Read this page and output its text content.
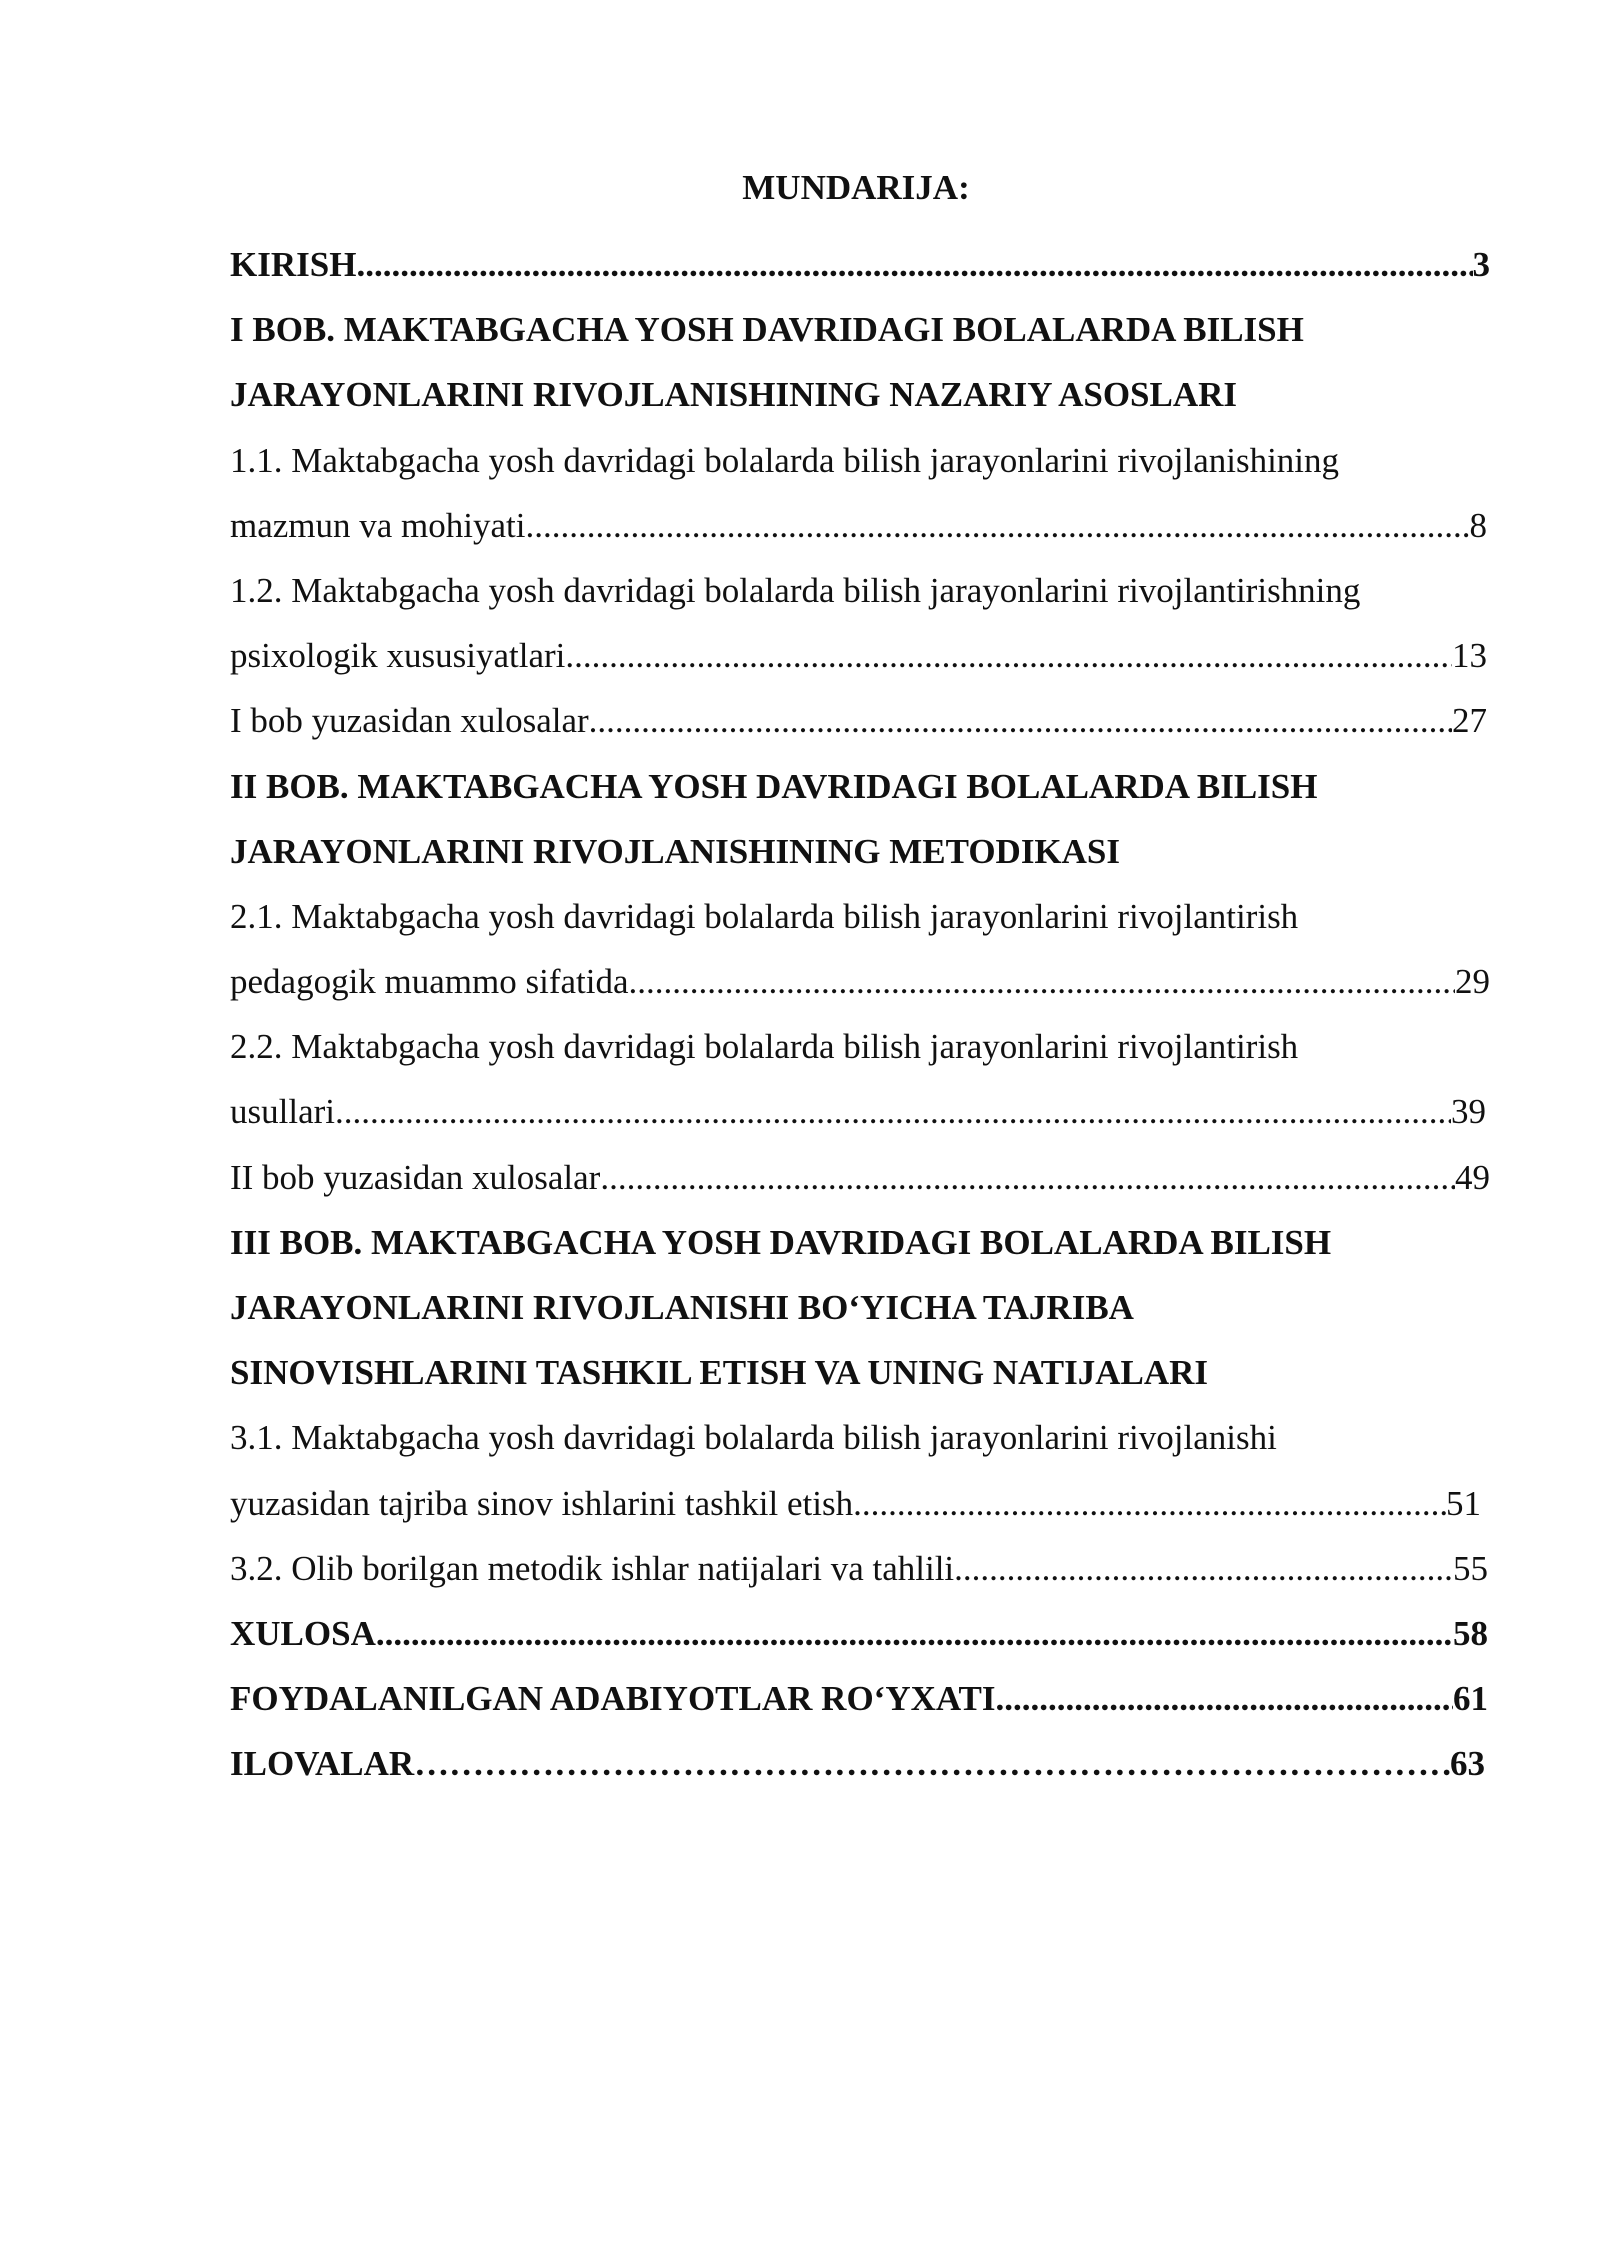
MUNDARIJA:
KIRISH .....	3
I BOB. MAKTABGACHA YOSH DAVRIDAGI BOLALARDA BILISH
JARAYONLARINI RIVOJLANISHINING NAZARIY ASOSLARI
1.1. Maktabgacha yosh davridagi bolalarda bilish jarayonlarini rivojlanishining
mazmun va mohiyati .....	8
1.2. Maktabgacha yosh davridagi bolalarda bilish jarayonlarini rivojlantirishning
psixologik xususiyatlari .....	13
I bob yuzasidan xulosalar .....	27
II BOB. MAKTABGACHA YOSH DAVRIDAGI BOLALARDA BILISH
JARAYONLARINI RIVOJLANISHINING METODIKASI
2.1. Maktabgacha yosh davridagi bolalarda bilish jarayonlarini rivojlantirish
pedagogik muammo sifatida .....	29
2.2. Maktabgacha yosh davridagi bolalarda bilish jarayonlarini rivojlantirish
usullari .....	39
II bob yuzasidan xulosalar .....	49
III BOB. MAKTABGACHA YOSH DAVRIDAGI BOLALARDA BILISH
JARAYONLARINI RIVOJLANISHI BO‘YICHA TAJRIBA
SINOVISHLARINI TASHKIL ETISH VA UNING NATIJALARI
3.1. Maktabgacha yosh davridagi bolalarda bilish jarayonlarini rivojlanishi
yuzasidan tajriba sinov ishlarini tashkil etish .....	51
3.2. Olib borilgan metodik ishlar natijalari va tahlili .....	55
XULOSA .....	58
FOYDALANILGAN ADABIYOTLAR RO‘YXATI .....	61
ILOVALAR ……………………………………………………………………………………………………………………………………………………………………	63
